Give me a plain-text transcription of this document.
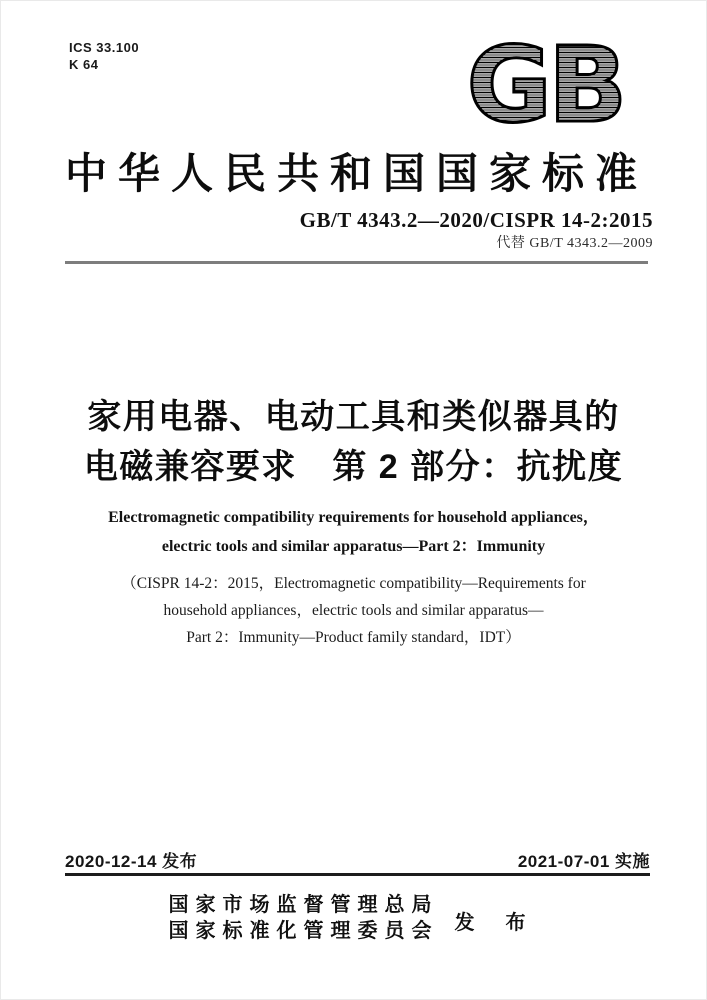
ICS 33.100
K 64	GB
中华人民共和国国家标准
GB/T 4343.2—2020/CISPR 14-2:2015
代替 GB/T 4343.2—2009
家用电器、电动工具和类似器具的
电磁兼容要求　第 2 部分：抗扰度
Electromagnetic compatibility requirements for household appliances，
electric tools and similar apparatus—Part 2：Immunity
（CISPR 14-2：2015，Electromagnetic compatibility—Requirements for
household appliances，electric tools and similar apparatus—
Part 2：Immunity—Product family standard，IDT）
2020-12-14 发布	2021-07-01 实施
国家市场监督管理总局
国家标准化管理委员会 发 布
